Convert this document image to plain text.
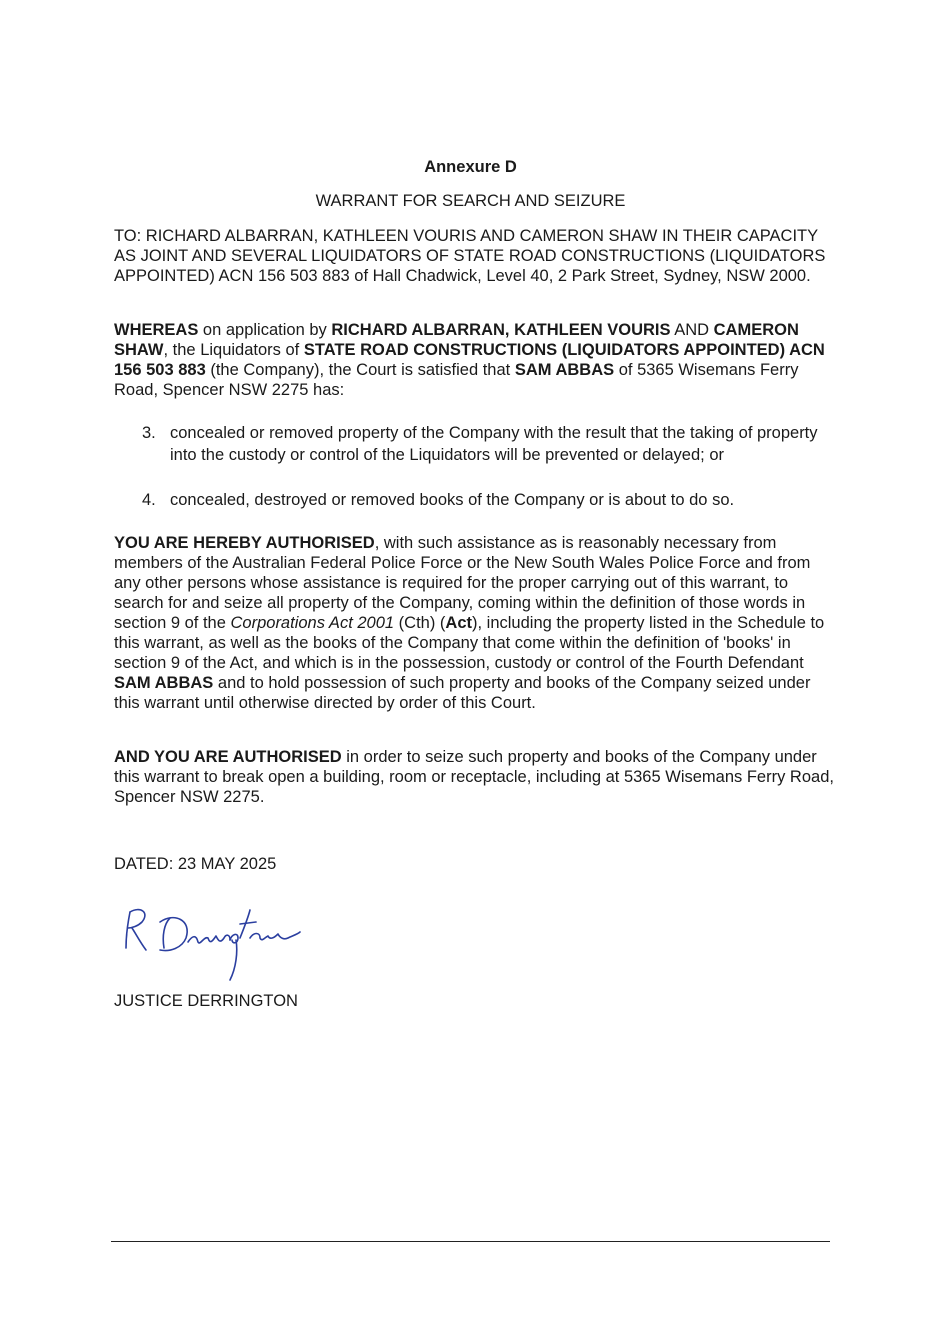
Annexure D
WARRANT FOR SEARCH AND SEIZURE

TO: RICHARD ALBARRAN, KATHLEEN VOURIS AND CAMERON SHAW IN THEIR CAPACITY AS JOINT AND SEVERAL LIQUIDATORS OF STATE ROAD CONSTRUCTIONS (LIQUIDATORS APPOINTED) ACN 156 503 883 of Hall Chadwick, Level 40, 2 Park Street, Sydney, NSW 2000.

WHEREAS on application by RICHARD ALBARRAN, KATHLEEN VOURIS AND CAMERON SHAW, the Liquidators of STATE ROAD CONSTRUCTIONS (LIQUIDATORS APPOINTED) ACN 156 503 883 (the Company), the Court is satisfied that SAM ABBAS of 5365 Wisemans Ferry Road, Spencer NSW 2275 has:

3. concealed or removed property of the Company with the result that the taking of property into the custody or control of the Liquidators will be prevented or delayed; or
4. concealed, destroyed or removed books of the Company or is about to do so.

YOU ARE HEREBY AUTHORISED, with such assistance as is reasonably necessary from members of the Australian Federal Police Force or the New South Wales Police Force and from any other persons whose assistance is required for the proper carrying out of this warrant, to search for and seize all property of the Company, coming within the definition of those words in section 9 of the Corporations Act 2001 (Cth) (Act), including the property listed in the Schedule to this warrant, as well as the books of the Company that come within the definition of 'books' in section 9 of the Act, and which is in the possession, custody or control of the Fourth Defendant SAM ABBAS and to hold possession of such property and books of the Company seized under this warrant until otherwise directed by order of this Court.

AND YOU ARE AUTHORISED in order to seize such property and books of the Company under this warrant to break open a building, room or receptacle, including at 5365 Wisemans Ferry Road, Spencer NSW 2275.

DATED: 23 MAY 2025
R Derrington
JUSTICE DERRINGTON
